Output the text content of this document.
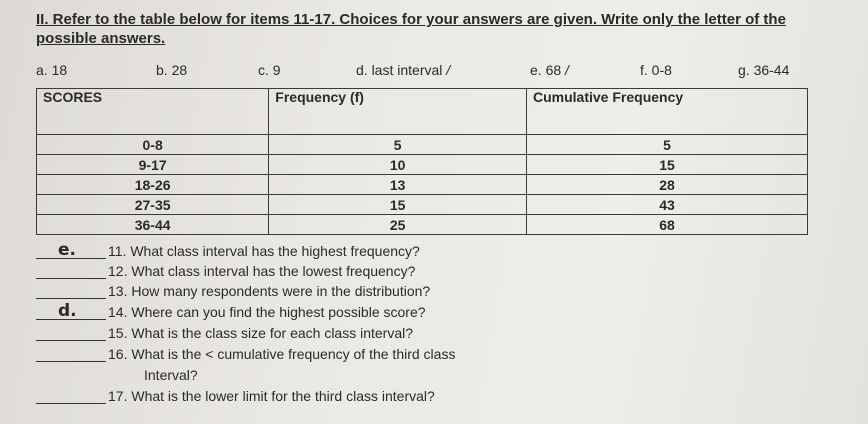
II. Refer to the table below for items 11-17. Choices for your answers are given. Write only the letter of the possible answers.
a. 18	b. 28	c. 9	d. last interval /	e. 68 /	f. 0-8	g. 36-44
SCORES	Frequency (f)	Cumulative Frequency
0-8	5	5
9-17	10	15
18-26	13	28
27-35	15	43
36-44	25	68
e. 11. What class interval has the highest frequency?
12. What class interval has the lowest frequency?
13. How many respondents were in the distribution?
d. 14. Where can you find the highest possible score?
15. What is the class size for each class interval?
16. What is the < cumulative frequency of the third class
Interval?
17. What is the lower limit for the third class interval?
